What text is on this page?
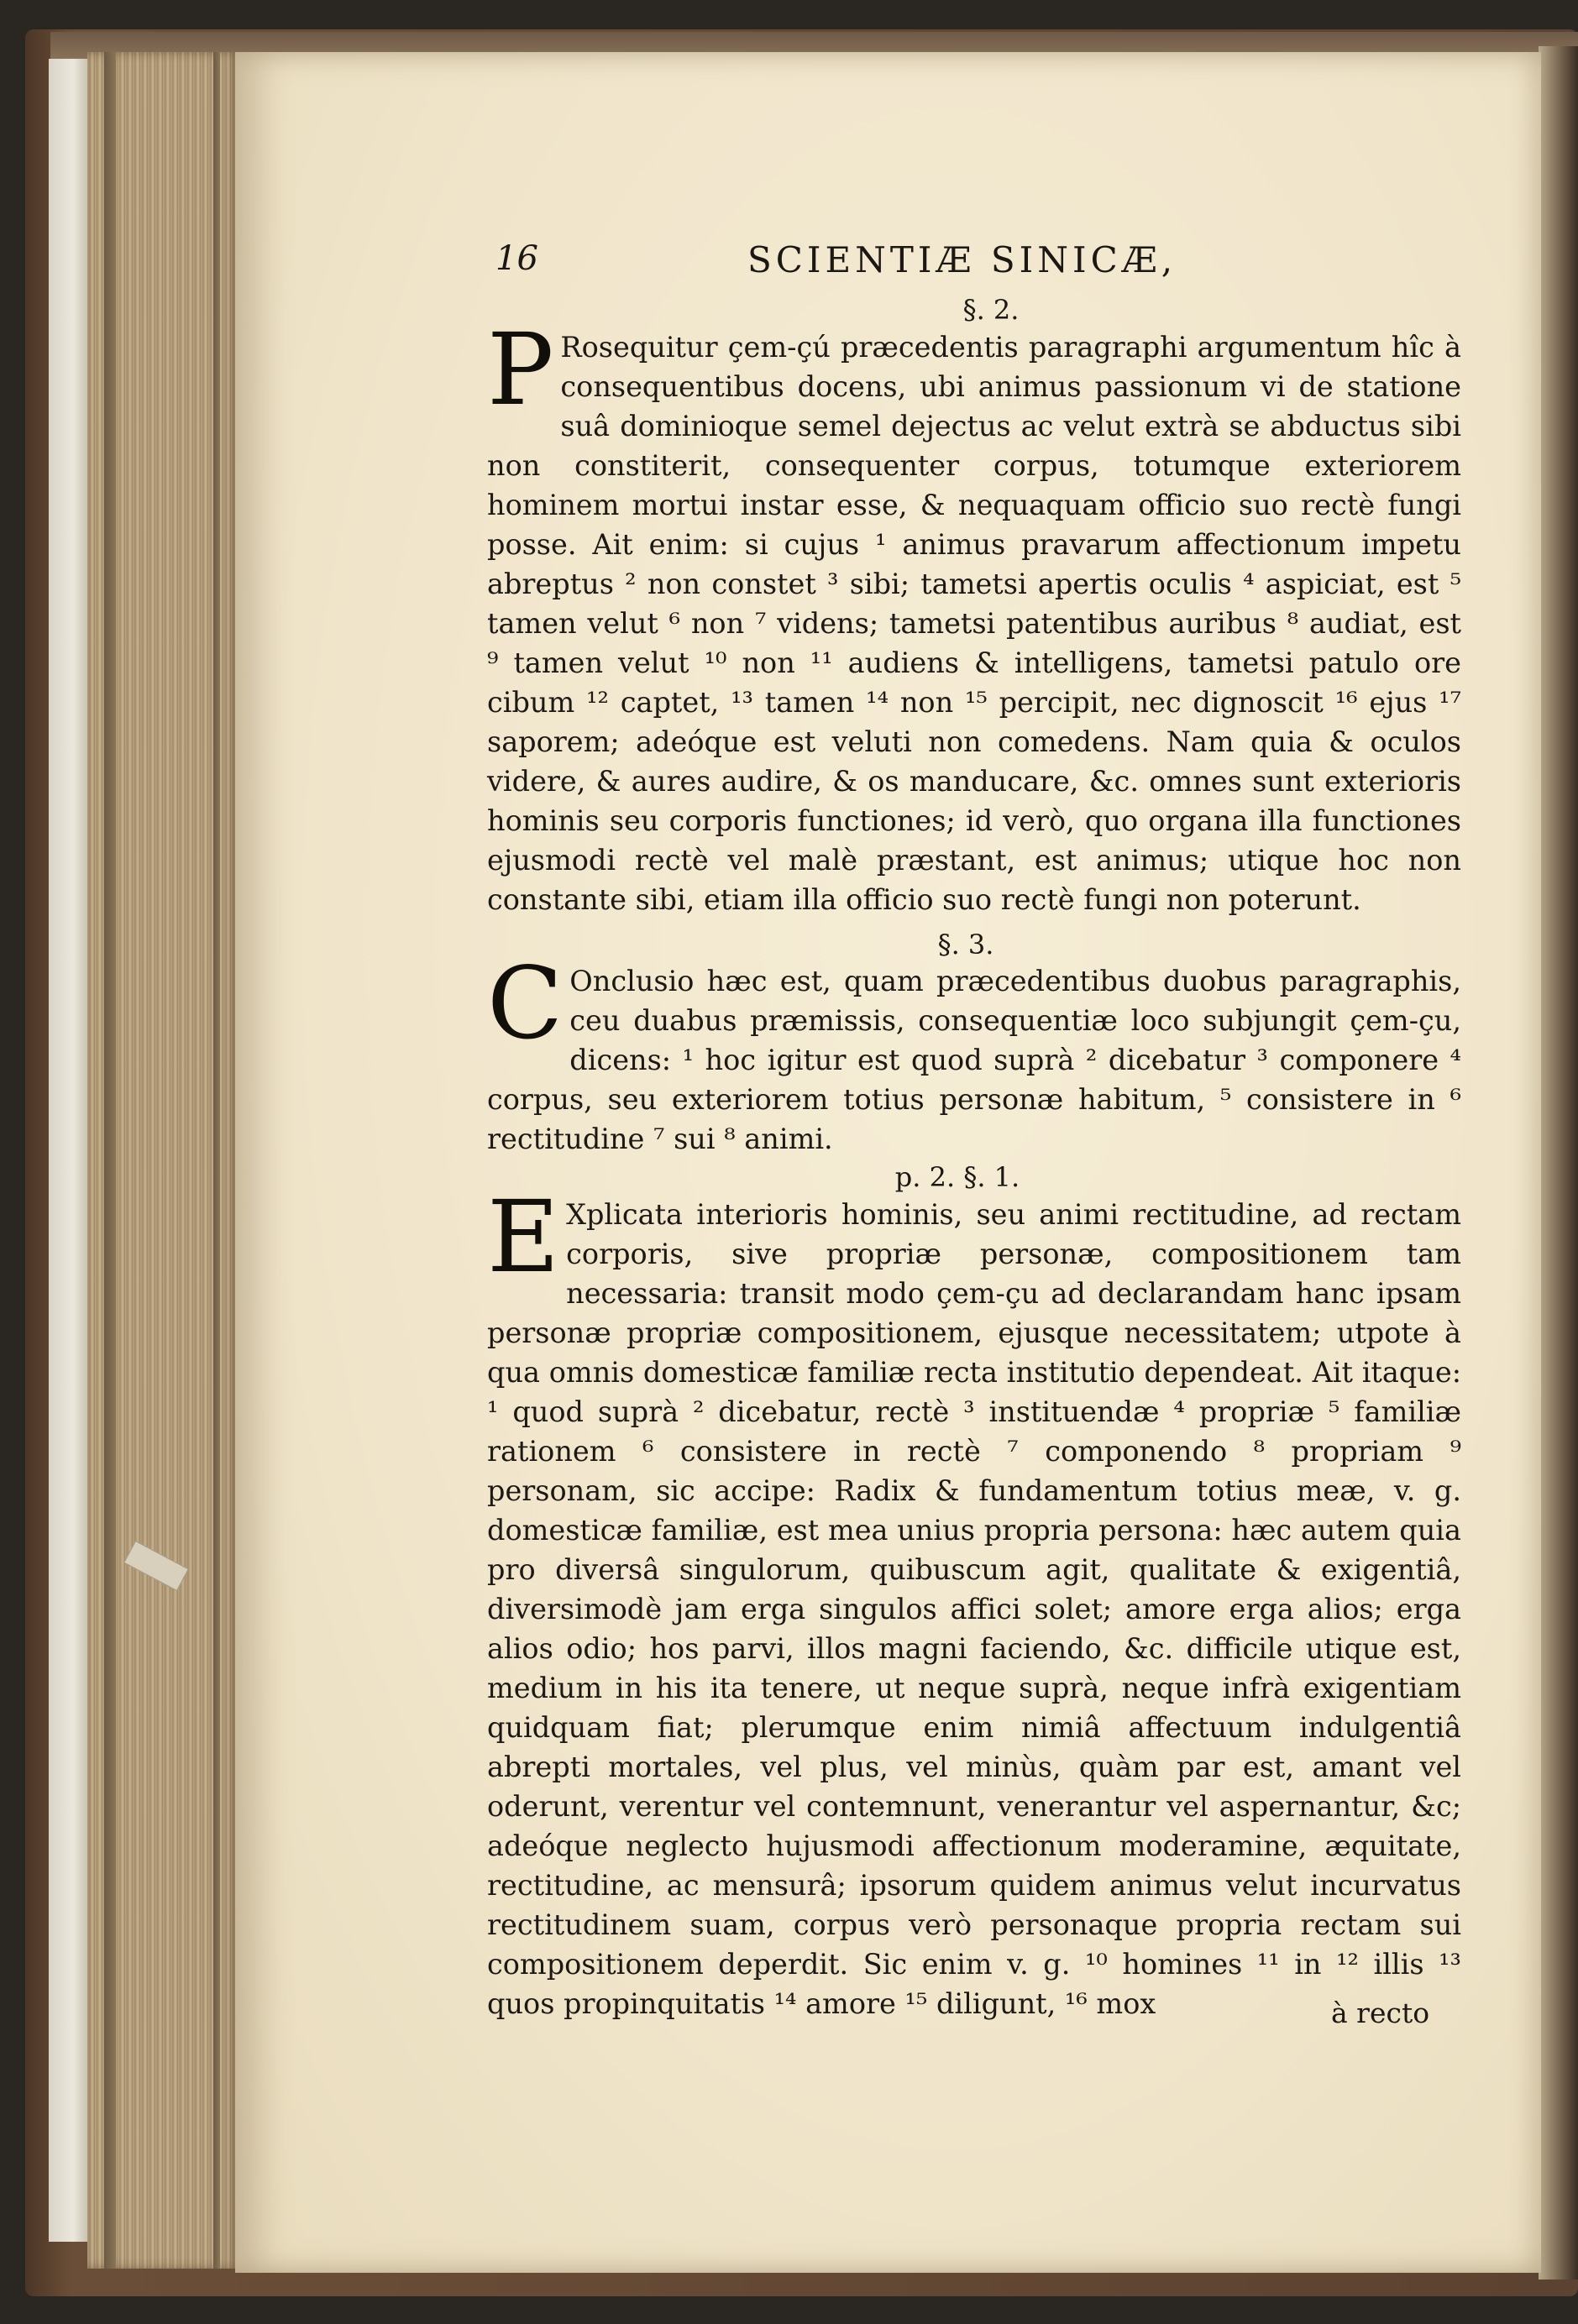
16	SCIENTIÆ SINICÆ,
§. 2.

P Rosequitur çem-çú præcedentis paragraphi argumentum hîc à consequentibus docens, ubi animus passionum vi de statione suâ dominioque semel dejectus ac velut extrà se abductus sibi non constiterit, consequenter corpus, totumque exteriorem hominem mortui instar esse, & nequaquam officio suo rectè fungi posse. Ait enim: si cujus ¹ animus pravarum affectionum impetu abreptus ² non constet ³ sibi; tametsi apertis oculis ⁴ aspiciat, est ⁵ tamen velut ⁶ non ⁷ videns; tametsi patentibus auribus ⁸ audiat, est ⁹ tamen velut ¹⁰ non ¹¹ audiens & intelligens, tametsi patulo ore cibum ¹² captet, ¹³ tamen ¹⁴ non ¹⁵ percipit, nec dignoscit ¹⁶ ejus ¹⁷ saporem; adeóque est veluti non comedens. Nam quia & oculos videre, & aures audire, & os manducare, &c. omnes sunt exterioris hominis seu corporis functiones; id verò, quo organa illa functiones ejusmodi rectè vel malè præstant, est animus; utique hoc non constante sibi, etiam illa officio suo rectè fungi non poterunt.

§. 3.

C Onclusio hæc est, quam præcedentibus duobus paragraphis, ceu duabus præmissis, consequentiæ loco subjungit çem-çu, dicens: ¹ hoc igitur est quod suprà ² dicebatur ³ componere ⁴ corpus, seu exteriorem totius personæ habitum, ⁵ consistere in ⁶ rectitudine ⁷ sui ⁸ animi.

p. 2. §. 1.

E Xplicata interioris hominis, seu animi rectitudine, ad rectam corporis, sive propriæ personæ, compositionem tam necessaria: transit modo çem-çu ad declarandam hanc ipsam personæ propriæ compositionem, ejusque necessitatem; utpote à qua omnis domesticæ familiæ recta institutio dependeat. Ait itaque: ¹ quod suprà ² dicebatur, rectè ³ instituendæ ⁴ propriæ ⁵ familiæ rationem ⁶ consistere in rectè ⁷ componendo ⁸ propriam ⁹ personam, sic accipe: Radix & fundamentum totius meæ, v. g. domesticæ familiæ, est mea unius propria persona: hæc autem quia pro diversâ singulorum, quibuscum agit, qualitate & exigentiâ, diversimodè jam erga singulos affici solet; amore erga alios; erga alios odio; hos parvi, illos magni faciendo, &c. difficile utique est, medium in his ita tenere, ut neque suprà, neque infrà exigentiam quidquam fiat; plerumque enim nimiâ affectuum indulgentiâ abrepti mortales, vel plus, vel minùs, quàm par est, amant vel oderunt, verentur vel contemnunt, venerantur vel aspernantur, &c; adeóque neglecto hujusmodi affectionum moderamine, æquitate, rectitudine, ac mensurâ; ipsorum quidem animus velut incurvatus rectitudinem suam, corpus verò personaque propria rectam sui compositionem deperdit. Sic enim v. g. ¹⁰ homines ¹¹ in ¹² illis ¹³ quos propinquitatis ¹⁴ amore ¹⁵ diligunt, ¹⁶ mox	à recto
